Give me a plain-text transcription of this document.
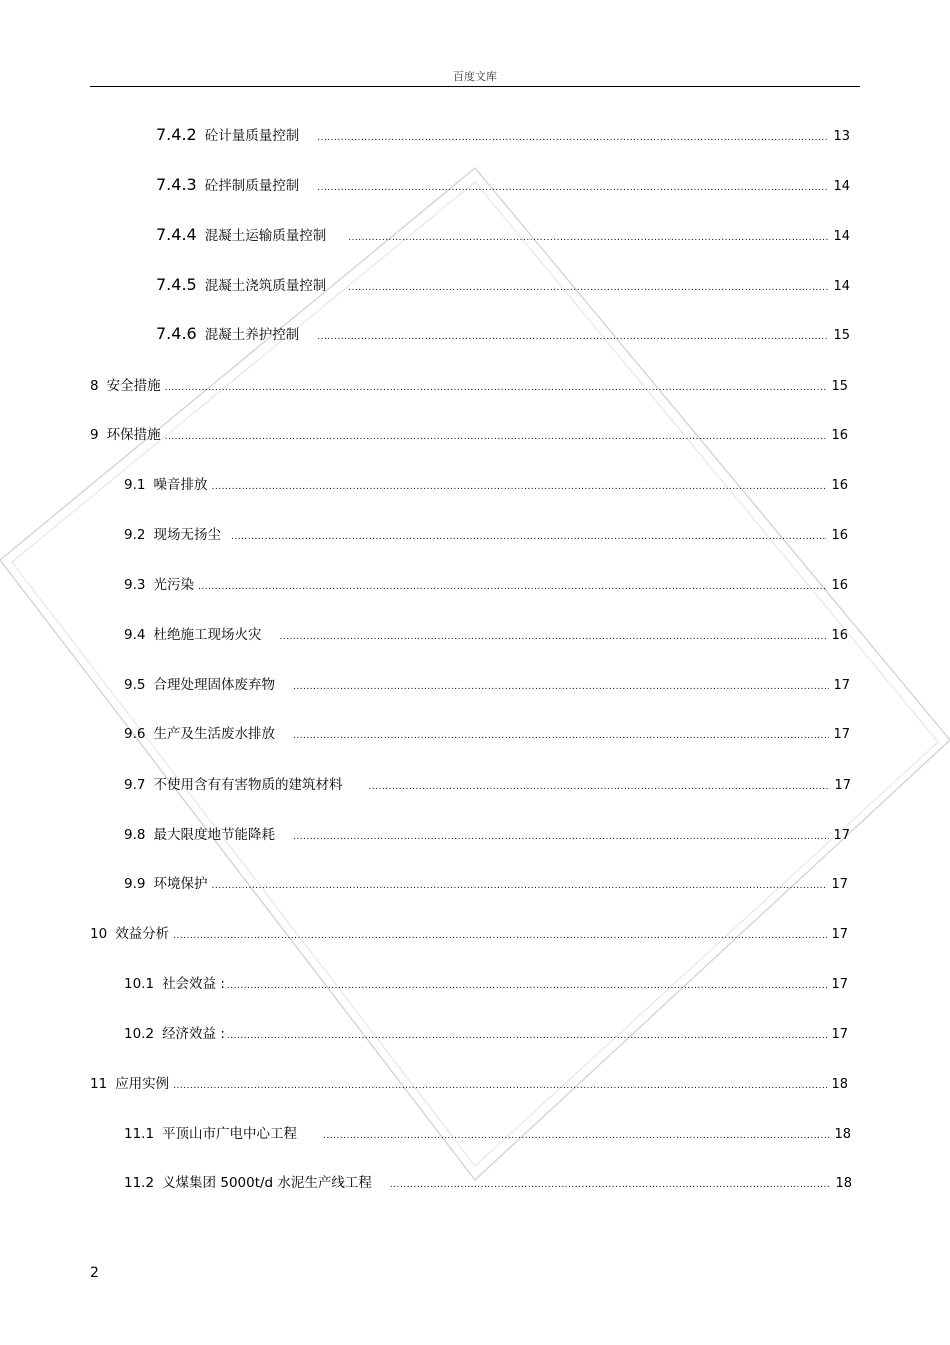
百度文库
7.4.2 砼计量质量控制 .....	13
7.4.3 砼拌制质量控制 .....	14
7.4.4 混凝土运输质量控制 .....	14
7.4.5 混凝土浇筑质量控制 .....	14
7.4.6 混凝土养护控制 .....	15
8 安全措施 .....	15
9 环保措施 .....	16
9.1 噪音排放 .....	16
9.2 现场无扬尘 .....	16
9.3 光污染 .....	16
9.4 杜绝施工现场火灾 .....	16
9.5 合理处理固体废弃物 .....	17
9.6 生产及生活废水排放 .....	17
9.7 不使用含有有害物质的建筑材料 .....	17
9.8 最大限度地节能降耗 .....	17
9.9 环境保护 .....	17
10 效益分析 .....	17
10.1 社会效益 : .....	17
10.2 经济效益 : .....	17
11 应用实例 .....	18
11.1 平顶山市广电中心工程 .....	18
11.2 义煤集团 5000t/d 水泥生产线工程 .....	18
2
